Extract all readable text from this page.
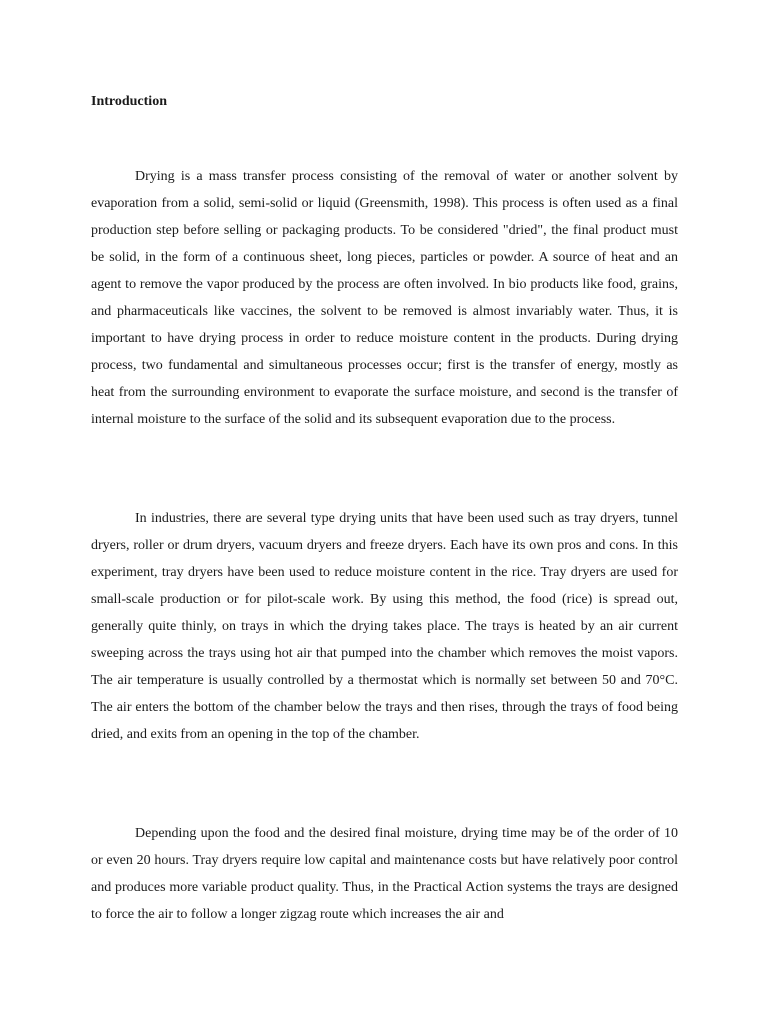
Introduction

Drying is a mass transfer process consisting of the removal of water or another solvent by evaporation from a solid, semi-solid or liquid (Greensmith, 1998). This process is often used as a final production step before selling or packaging products. To be considered "dried", the final product must be solid, in the form of a continuous sheet, long pieces, particles or powder. A source of heat and an agent to remove the vapor produced by the process are often involved. In bio products like food, grains, and pharmaceuticals like vaccines, the solvent to be removed is almost invariably water. Thus, it is important to have drying process in order to reduce moisture content in the products. During drying process, two fundamental and simultaneous processes occur; first is the transfer of energy, mostly as heat from the surrounding environment to evaporate the surface moisture, and second is the transfer of internal moisture to the surface of the solid and its subsequent evaporation due to the process.

In industries, there are several type drying units that have been used such as tray dryers, tunnel dryers, roller or drum dryers, vacuum dryers and freeze dryers. Each have its own pros and cons. In this experiment, tray dryers have been used to reduce moisture content in the rice. Tray dryers are used for small-scale production or for pilot-scale work. By using this method, the food (rice) is spread out, generally quite thinly, on trays in which the drying takes place. The trays is heated by an air current sweeping across the trays using hot air that pumped into the chamber which removes the moist vapors. The air temperature is usually controlled by a thermostat which is normally set between 50 and 70°C. The air enters the bottom of the chamber below the trays and then rises, through the trays of food being dried, and exits from an opening in the top of the chamber.

Depending upon the food and the desired final moisture, drying time may be of the order of 10 or even 20 hours. Tray dryers require low capital and maintenance costs but have relatively poor control and produces more variable product quality. Thus, in the Practical Action systems the trays are designed to force the air to follow a longer zigzag route which increases the air and
